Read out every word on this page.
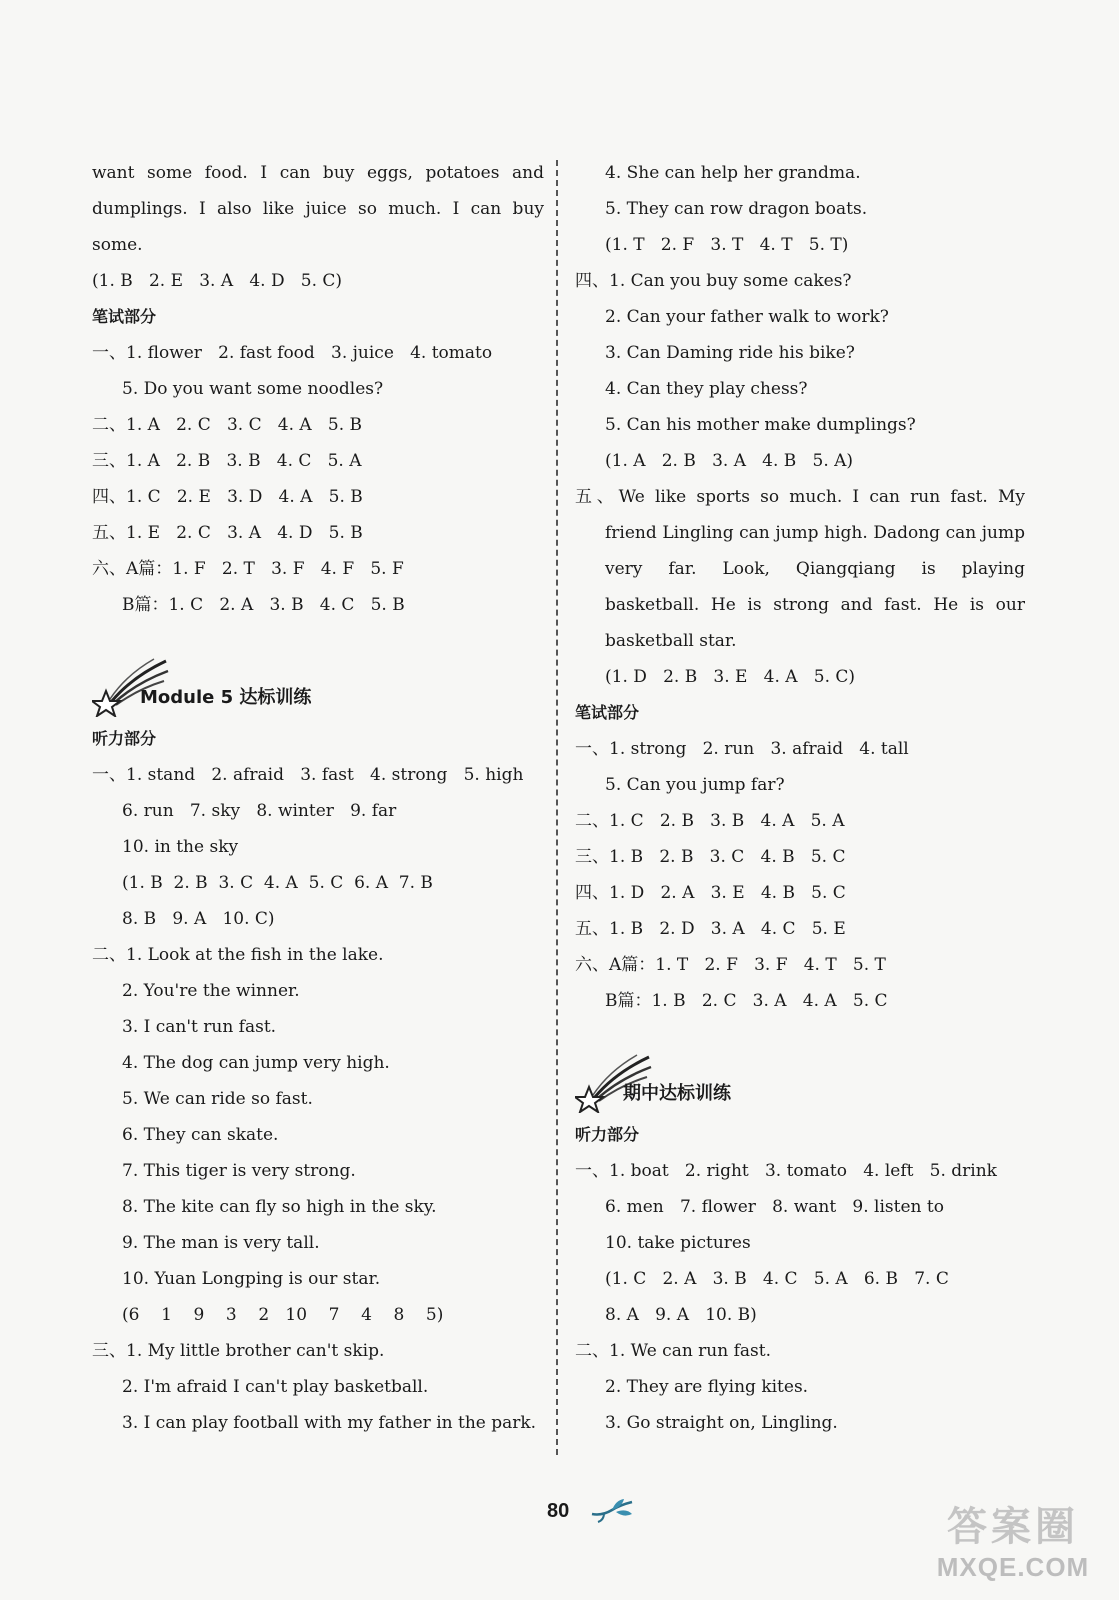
want some food. I can buy eggs, potatoes and
dumplings. I also like juice so much. I can buy
some.
(1. B   2. E   3. A   4. D   5. C)
笔试部分
一、1. flower   2. fast food   3. juice   4. tomato
5. Do you want some noodles?
二、1. A   2. C   3. C   4. A   5. B
三、1. A   2. B   3. B   4. C   5. A
四、1. C   2. E   3. D   4. A   5. B
五、1. E   2. C   3. A   4. D   5. B
六、A篇：1. F   2. T   3. F   4. F   5. F
B篇：1. C   2. A   3. B   4. C   5. B
Module 5 达标训练
听力部分
一、1. stand   2. afraid   3. fast   4. strong   5. high
6. run   7. sky   8. winter   9. far
10. in the sky
(1. B  2. B  3. C  4. A  5. C  6. A  7. B
8. B   9. A   10. C)
二、1. Look at the fish in the lake.
2. You're the winner.
3. I can't run fast.
4. The dog can jump very high.
5. We can ride so fast.
6. They can skate.
7. This tiger is very strong.
8. The kite can fly so high in the sky.
9. The man is very tall.
10. Yuan Longping is our star.
(6    1    9    3    2   10    7    4    8    5)
三、1. My little brother can't skip.
2. I'm afraid I can't play basketball.
3. I can play football with my father in the park.
4. She can help her grandma.
5. They can row dragon boats.
(1. T   2. F   3. T   4. T   5. T)
四、1. Can you buy some cakes?
2. Can your father walk to work?
3. Can Daming ride his bike?
4. Can they play chess?
5. Can his mother make dumplings?
(1. A   2. B   3. A   4. B   5. A)
五、We like sports so much. I can run fast. My
friend Lingling can jump high. Dadong can jump
very far. Look, Qiangqiang is playing
basketball. He is strong and fast. He is our
basketball star.
(1. D   2. B   3. E   4. A   5. C)
笔试部分
一、1. strong   2. run   3. afraid   4. tall
5. Can you jump far?
二、1. C   2. B   3. B   4. A   5. A
三、1. B   2. B   3. C   4. B   5. C
四、1. D   2. A   3. E   4. B   5. C
五、1. B   2. D   3. A   4. C   5. E
六、A篇：1. T   2. F   3. F   4. T   5. T
B篇：1. B   2. C   3. A   4. A   5. C
期中达标训练
听力部分
一、1. boat   2. right   3. tomato   4. left   5. drink
6. men   7. flower   8. want   9. listen to
10. take pictures
(1. C   2. A   3. B   4. C   5. A   6. B   7. C
8. A   9. A   10. B)
二、1. We can run fast.
2. They are flying kites.
3. Go straight on, Lingling.
80	答案圈
MXQE.COM
